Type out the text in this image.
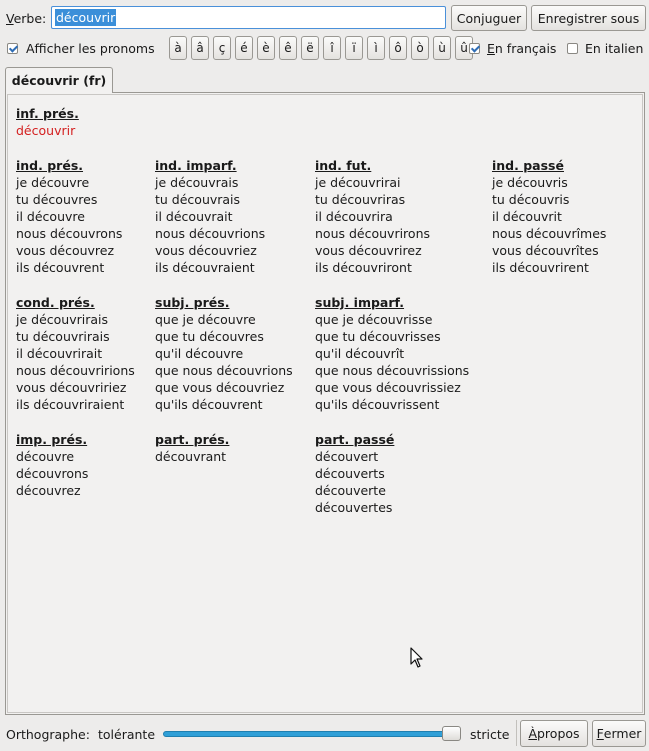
Verbe: découvrir	Conjuguer Enregistrer sous
Afficher les pronoms à â ç é è ê ë î ï ì ô ò ù û En français En italien
découvrir (fr)
inf. prés.
découvrir
ind. prés.
je découvre
tu découvres
il découvre
nous découvrons
vous découvrez
ils découvrent
ind. imparf.
je découvrais
tu découvrais
il découvrait
nous découvrions
vous découvriez
ils découvraient
ind. fut.
je découvrirai
tu découvriras
il découvrira
nous découvrirons
vous découvrirez
ils découvriront
ind. passé
je découvris
tu découvris
il découvrit
nous découvrîmes
vous découvrîtes
ils découvrirent
cond. prés.
je découvrirais
tu découvrirais
il découvrirait
nous découvririons
vous découvririez
ils découvriraient
subj. prés.
que je découvre
que tu découvres
qu'il découvre
que nous découvrions
que vous découvriez
qu'ils découvrent
subj. imparf.
que je découvrisse
que tu découvrisses
qu'il découvrît
que nous découvrissions
que vous découvrissiez
qu'ils découvrissent
imp. prés.
découvre
découvrons
découvrez
part. prés.
découvrant
part. passé
découvert
découverts
découverte
découvertes
Orthographe: tolérante	stricte À propos F ermer
